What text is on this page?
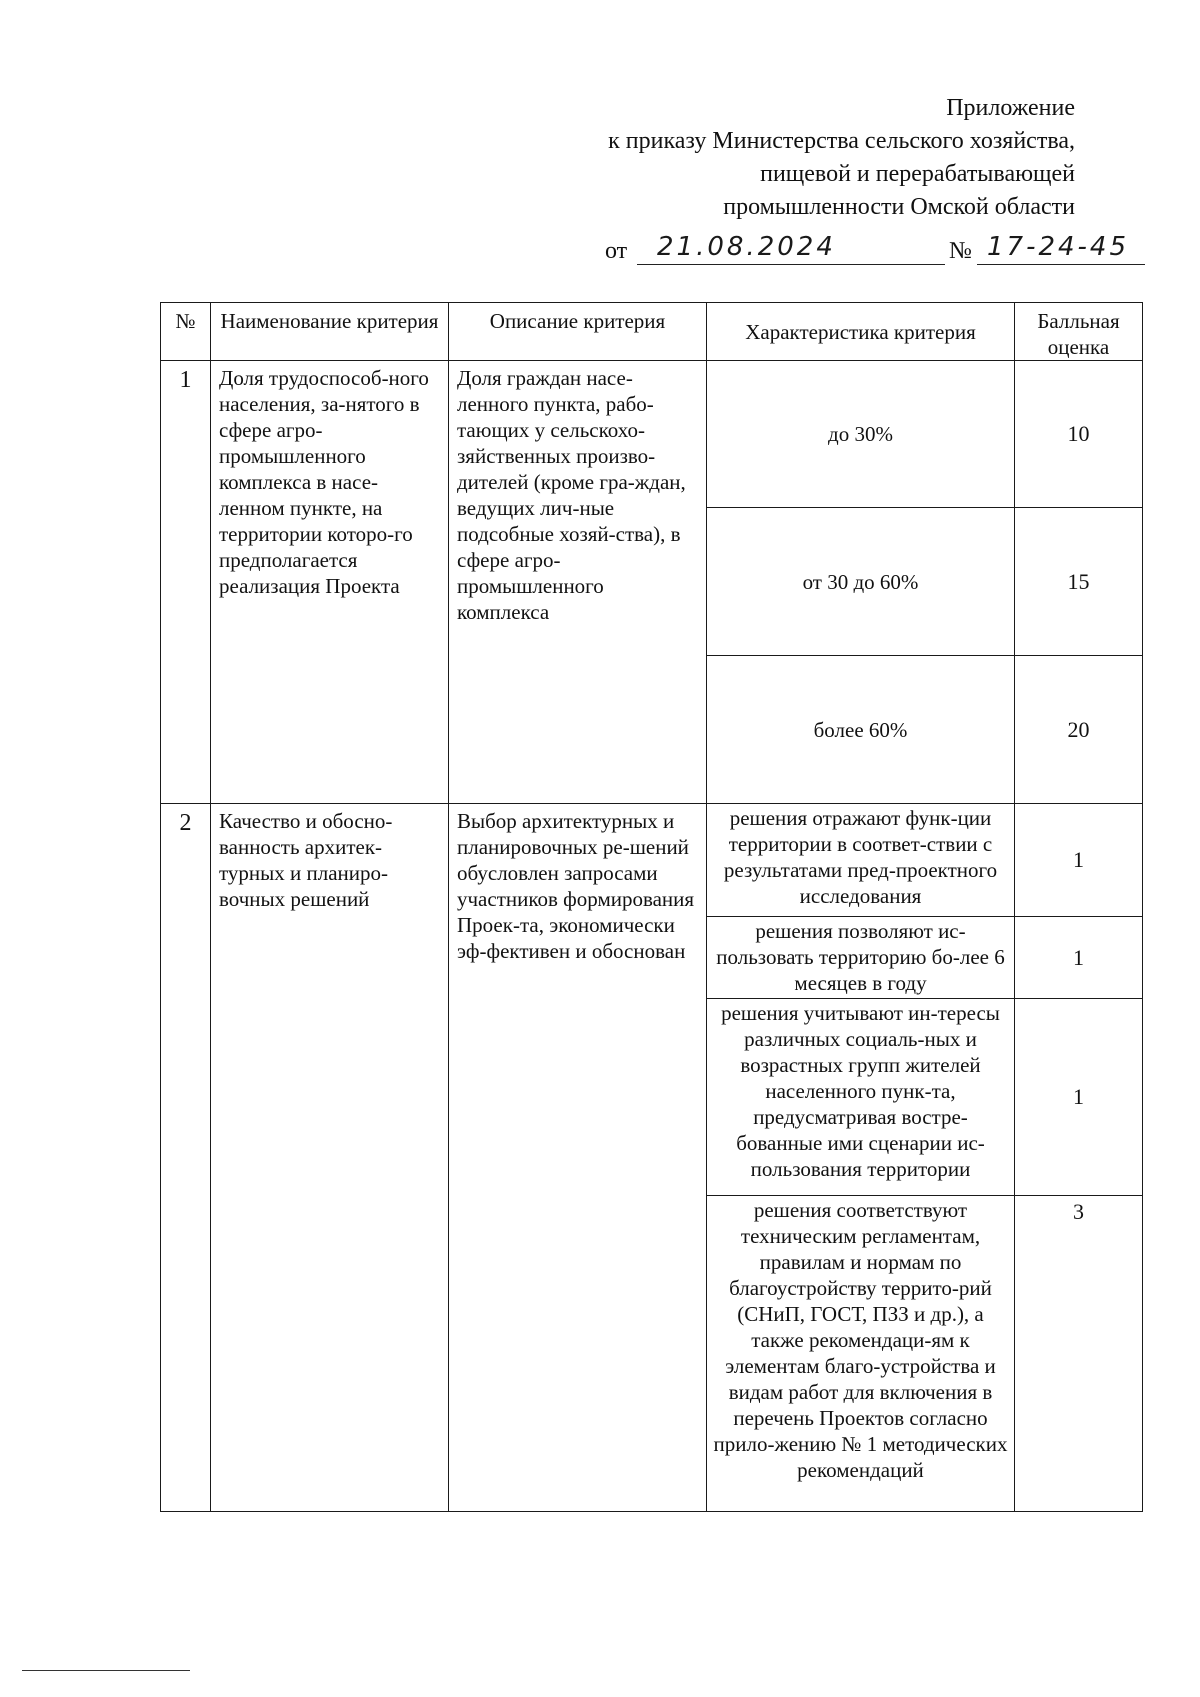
Приложение
к приказу Министерства сельского хозяйства,
пищевой и перерабатывающей
промышленности Омской области
от 21.08.2024	№ 17-24-45
№	Наименование критерия	Описание критерия	Характеристика критерия	Балльная оценка
1	Доля трудоспособ-ного населения, за-нятого в сфере агро-промышленного комплекса в насе-ленном пункте, на территории которо-го предполагается реализация Проекта	Доля граждан насе-ленного пункта, рабо-тающих у сельскохо-зяйственных произво-дителей (кроме гра-ждан, ведущих лич-ные подсобные хозяй-ства), в сфере агро-промышленного комплекса	до 30%	10
			от 30 до 60%	15
			более 60%	20
2	Качество и обосно-ванность архитек-турных и планиро-вочных решений	Выбор архитектурных и планировочных ре-шений обусловлен запросами участников формирования Проек-та, экономически эф-фективен и обоснован	решения отражают функ-ции территории в соответ-ствии с результатами пред-проектного исследования	1
			решения позволяют ис-пользовать территорию бо-лее 6 месяцев в году	1
			решения учитывают ин-тересы различных социаль-ных и возрастных групп жителей населенного пунк-та, предусматривая востре-бованные ими сценарии ис-пользования территории	1
			решения соответствуют техническим регламентам, правилам и нормам по благоустройству террито-рий (СНиП, ГОСТ, ПЗЗ и др.), а также рекомендаци-ям к элементам благо-устройства и видам работ для включения в перечень Проектов согласно прило-жению № 1 методических рекомендаций	3
